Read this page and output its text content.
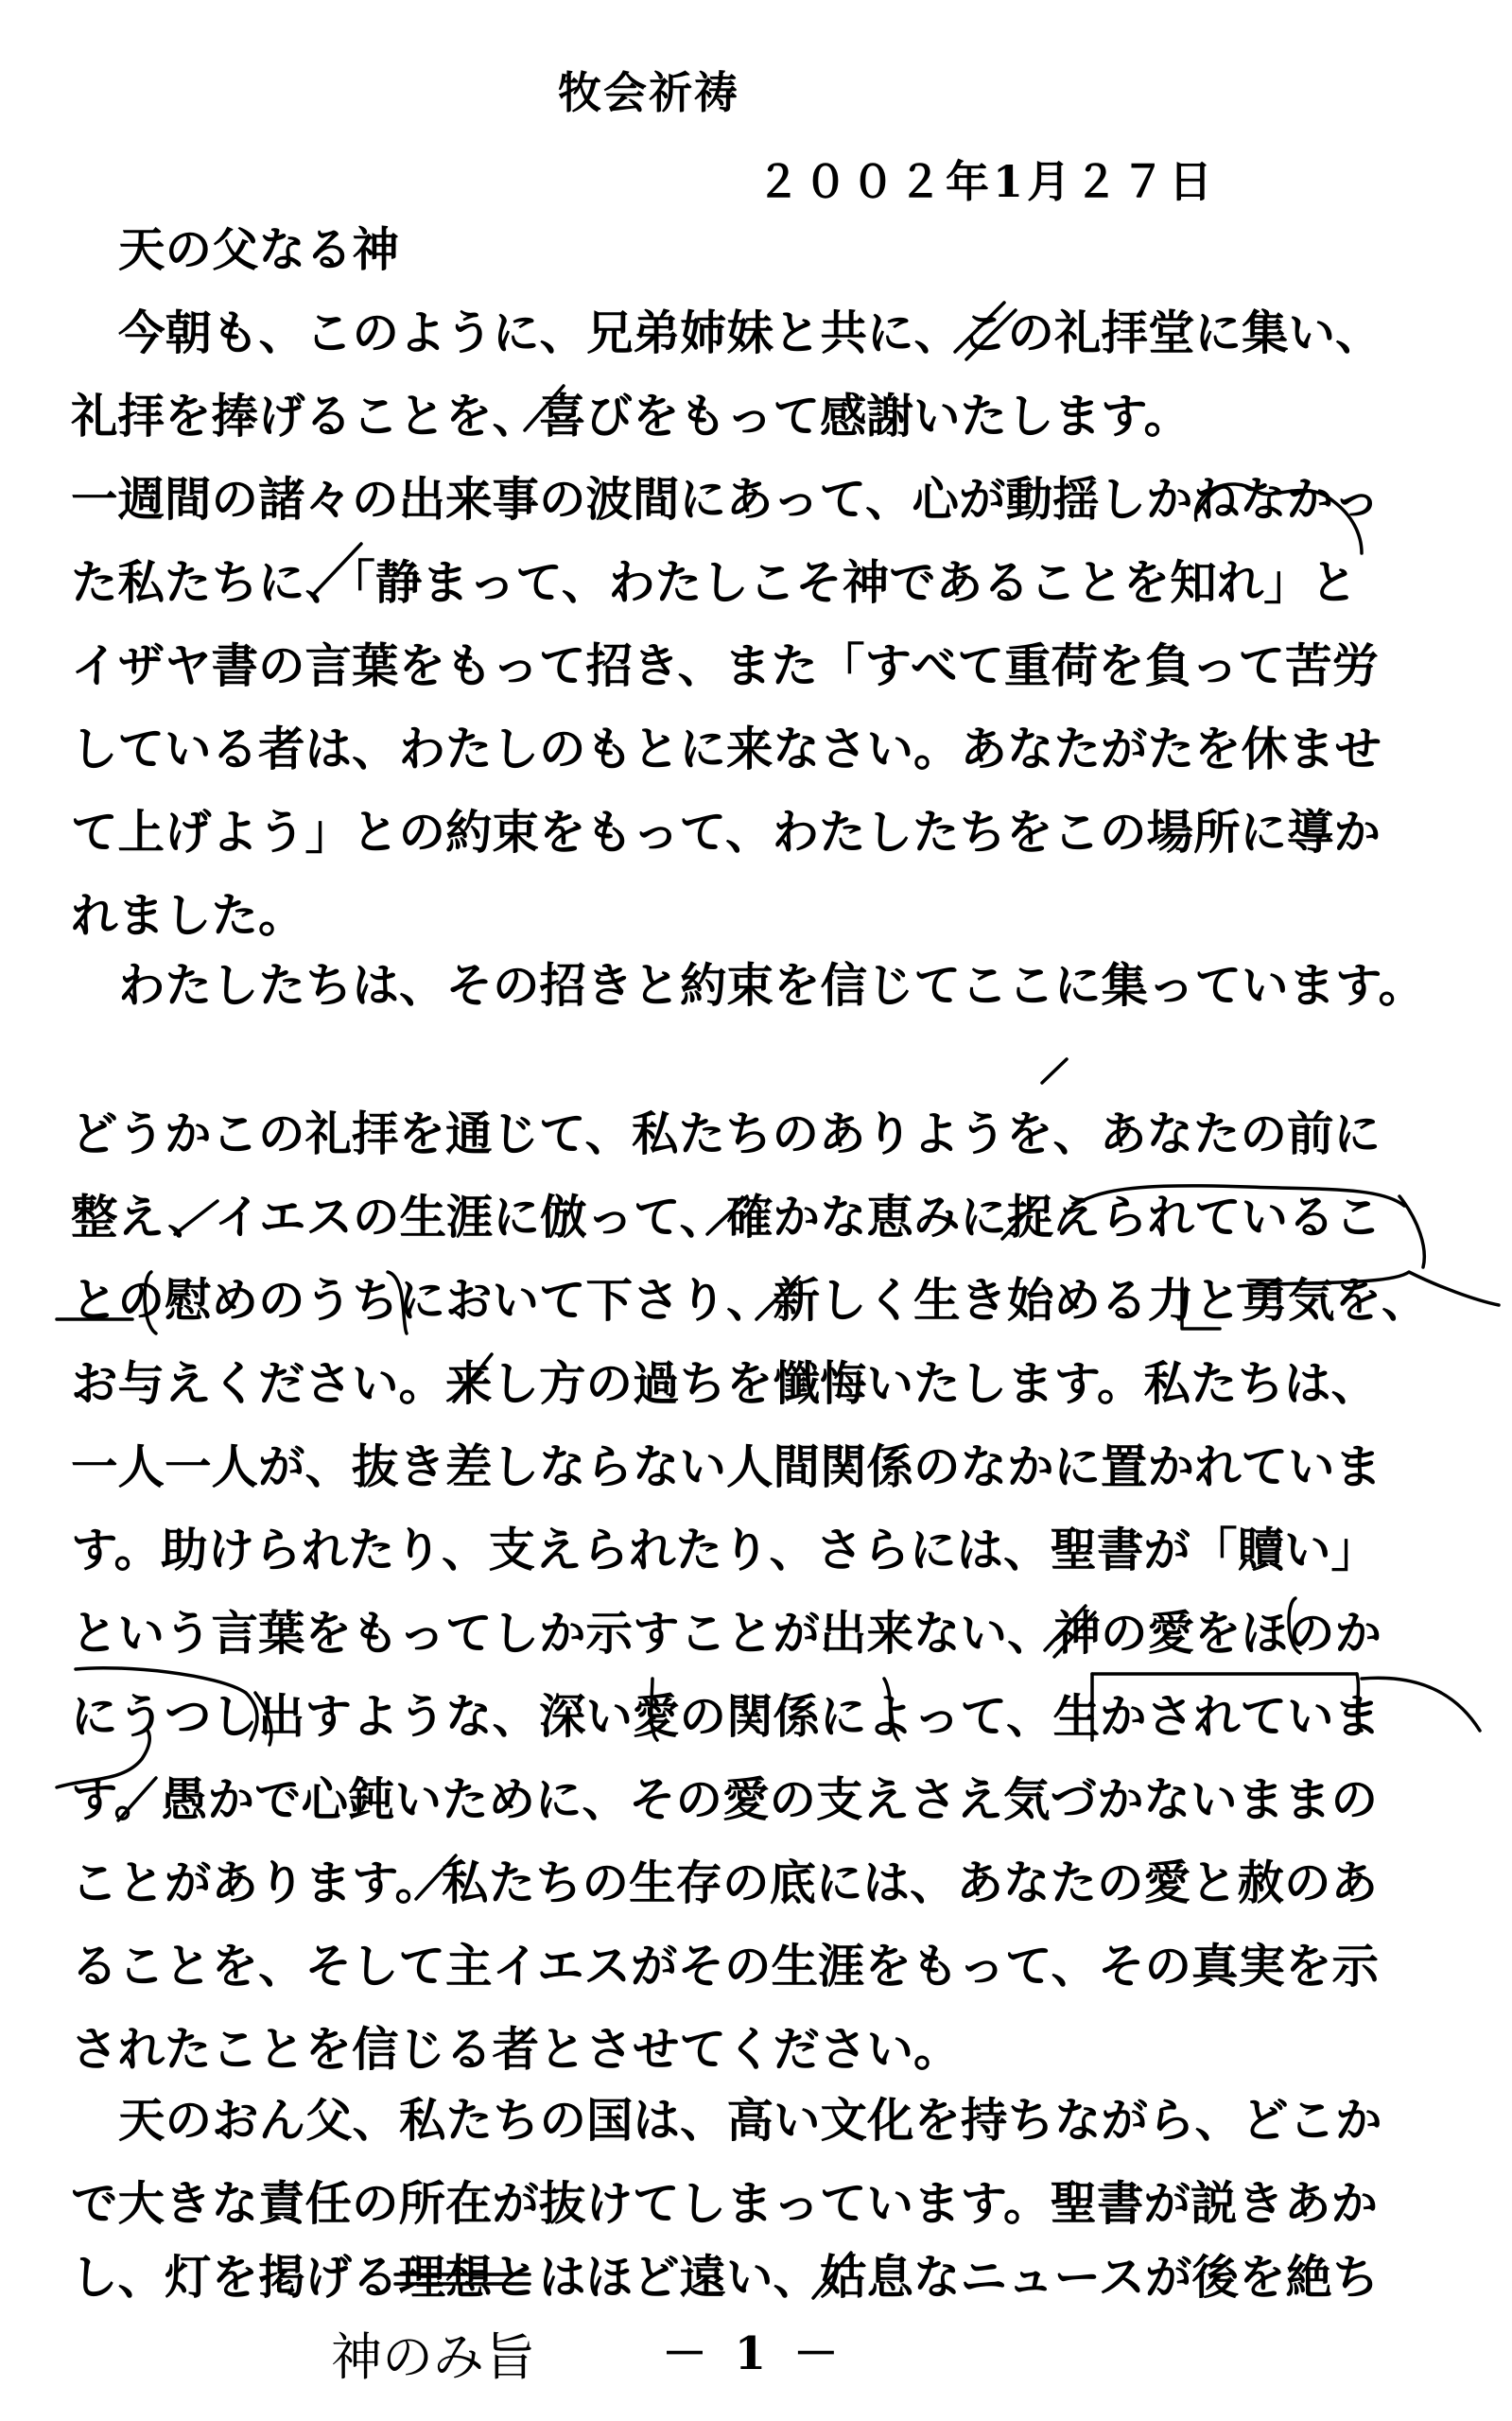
牧会祈祷
２００２年1月２７日
天の父なる神
今朝も、このように、兄弟姉妹と共に、この礼拝堂に集い、
礼拝を捧げることを、喜びをもって感謝いたします。
一週間の諸々の出来事の波間にあって、心が動揺しかねなかっ
た私たちに、「静まって、わたしこそ神であることを知れ」と
イザヤ書の言葉をもって招き、また「すべて重荷を負って苦労
している者は、わたしのもとに来なさい。あなたがたを休ませ
て上げよう」との約束をもって、わたしたちをこの場所に導か
れました。
わたしたちは、その招きと約束を信じてここに集っています。
どうかこの礼拝を通じて、私たちのありようを、あなたの前に
整え、イエスの生涯に倣って、確かな恵みに捉えられているこ
との慰めのうちにおいて下さり、新しく生き始める力と勇気を、
お与えください。来し方の過ちを懺悔いたします。私たちは、
一人一人が、抜き差しならない人間関係のなかに置かれていま
す。助けられたり、支えられたり、さらには、聖書が「贖い」
という言葉をもってしか示すことが出来ない、神の愛をほのか
にうつし出すような、深い愛の関係によって、生かされていま
す。愚かで心鈍いために、その愛の支えさえ気づかないままの
ことがあります。私たちの生存の底には、あなたの愛と赦のあ
ることを、そして主イエスがその生涯をもって、その真実を示
されたことを信じる者とさせてください。
天のおん父、私たちの国は、高い文化を持ちながら、どこか
で大きな責任の所在が抜けてしまっています。聖書が説きあか
し、灯を掲げる理想とはほど遠い、姑息なニュースが後を絶ち
神のみ旨	－ 1 －
